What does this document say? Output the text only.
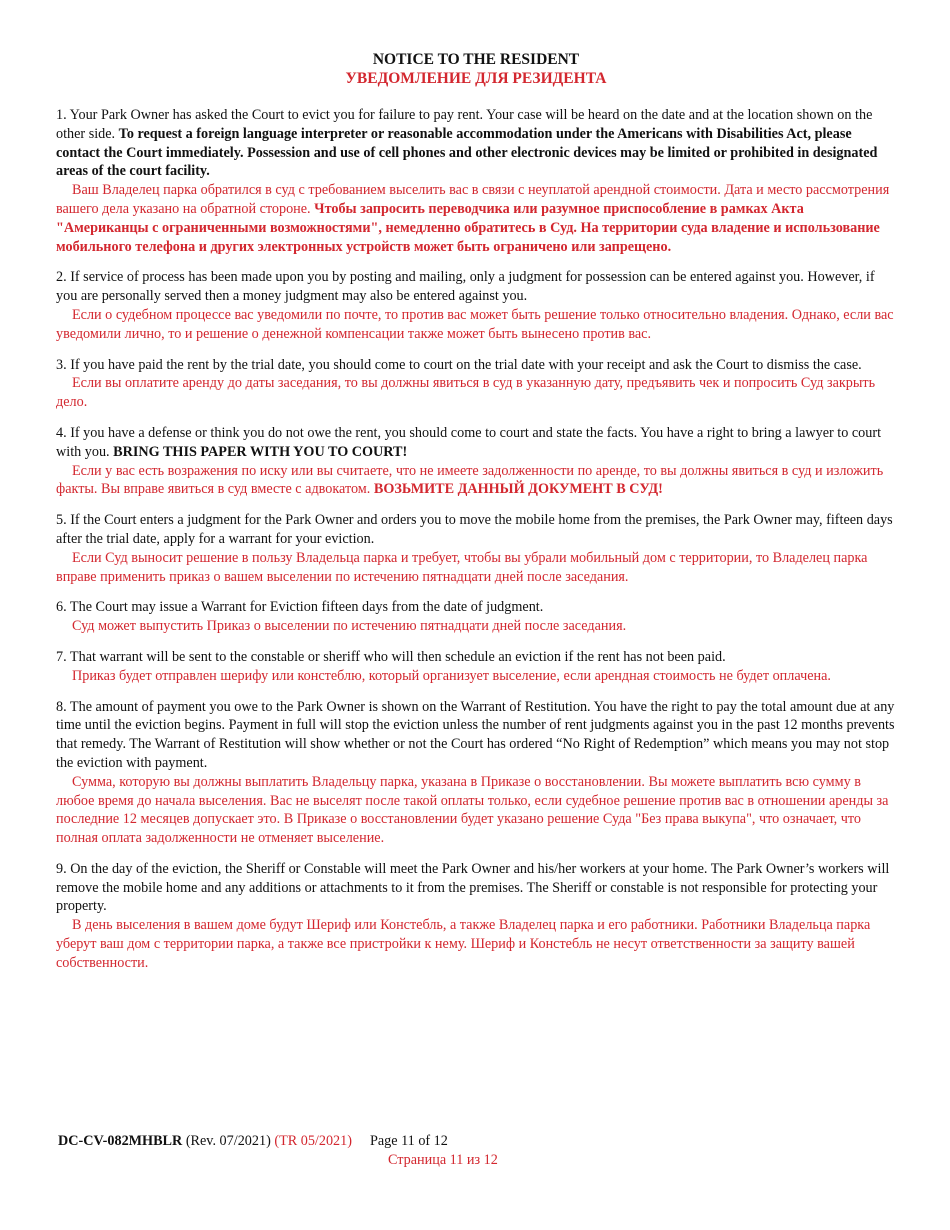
NOTICE TO THE RESIDENT
УВЕДОМЛЕНИЕ ДЛЯ РЕЗИДЕНТА

1. Your Park Owner has asked the Court to evict you for failure to pay rent. Your case will be heard on the date and at the location shown on the other side. To request a foreign language interpreter or reasonable accommodation under the Americans with Disabilities Act, please contact the Court immediately. Possession and use of cell phones and other electronic devices may be limited or prohibited in designated areas of the court facility.

Ваш Владелец парка обратился в суд с требованием выселить вас в связи с неуплатой арендной стоимости. Дата и место рассмотрения вашего дела указано на обратной стороне. Чтобы запросить переводчика или разумное приспособление в рамках Акта "Американцы с ограниченными возможностями", немедленно обратитесь в Суд. На территории суда владение и использование мобильного телефона и других электронных устройств может быть ограничено или запрещено.

2. If service of process has been made upon you by posting and mailing, only a judgment for possession can be entered against you. However, if you are personally served then a money judgment may also be entered against you.

Если о судебном процессе вас уведомили по почте, то против вас может быть решение только относительно владения. Однако, если вас уведомили лично, то и решение о денежной компенсации также может быть вынесено против вас.

3. If you have paid the rent by the trial date, you should come to court on the trial date with your receipt and ask the Court to dismiss the case.

Если вы оплатите аренду до даты заседания, то вы должны явиться в суд в указанную дату, предъявить чек и попросить Суд закрыть дело.

4. If you have a defense or think you do not owe the rent, you should come to court and state the facts. You have a right to bring a lawyer to court with you. BRING THIS PAPER WITH YOU TO COURT!

Если у вас есть возражения по иску или вы считаете, что не имеете задолженности по аренде, то вы должны явиться в суд и изложить факты. Вы вправе явиться в суд вместе с адвокатом. ВОЗЬМИТЕ ДАННЫЙ ДОКУМЕНТ В СУД!

5. If the Court enters a judgment for the Park Owner and orders you to move the mobile home from the premises, the Park Owner may, fifteen days after the trial date, apply for a warrant for your eviction.

Если Суд выносит решение в пользу Владельца парка и требует, чтобы вы убрали мобильный дом с территории, то Владелец парка вправе применить приказ о вашем выселении по истечению пятнадцати дней после заседания.

6. The Court may issue a Warrant for Eviction fifteen days from the date of judgment.

Суд может выпустить Приказ о выселении по истечению пятнадцати дней после заседания.

7. That warrant will be sent to the constable or sheriff who will then schedule an eviction if the rent has not been paid.

Приказ будет отправлен шерифу или констеблю, который организует выселение, если арендная стоимость не будет оплачена.

8. The amount of payment you owe to the Park Owner is shown on the Warrant of Restitution. You have the right to pay the total amount due at any time until the eviction begins. Payment in full will stop the eviction unless the number of rent judgments against you in the past 12 months prevents that remedy. The Warrant of Restitution will show whether or not the Court has ordered “No Right of Redemption” which means you may not stop the eviction with payment.

Сумма, которую вы должны выплатить Владельцу парка, указана в Приказе о восстановлении. Вы можете выплатить всю сумму в любое время до начала выселения. Вас не выселят после такой оплаты только, если судебное решение против вас в отношении аренды за последние 12 месяцев допускает это. В Приказе о восстановлении будет указано решение Суда "Без права выкупа", что означает, что полная оплата задолженности не отменяет выселение.

9. On the day of the eviction, the Sheriff or Constable will meet the Park Owner and his/her workers at your home. The Park Owner’s workers will remove the mobile home and any additions or attachments to it from the premises. The Sheriff or constable is not responsible for protecting your property.

В день выселения в вашем доме будут Шериф или Констебль, а также Владелец парка и его работники. Работники Владельца парка уберут ваш дом с территории парка, а также все пристройки к нему. Шериф и Констебль не несут ответственности за защиту вашей собственности.

DC-CV-082MHBLR (Rev. 07/2021) (TR 05/2021) Page 11 of 12
Страница 11 из 12
